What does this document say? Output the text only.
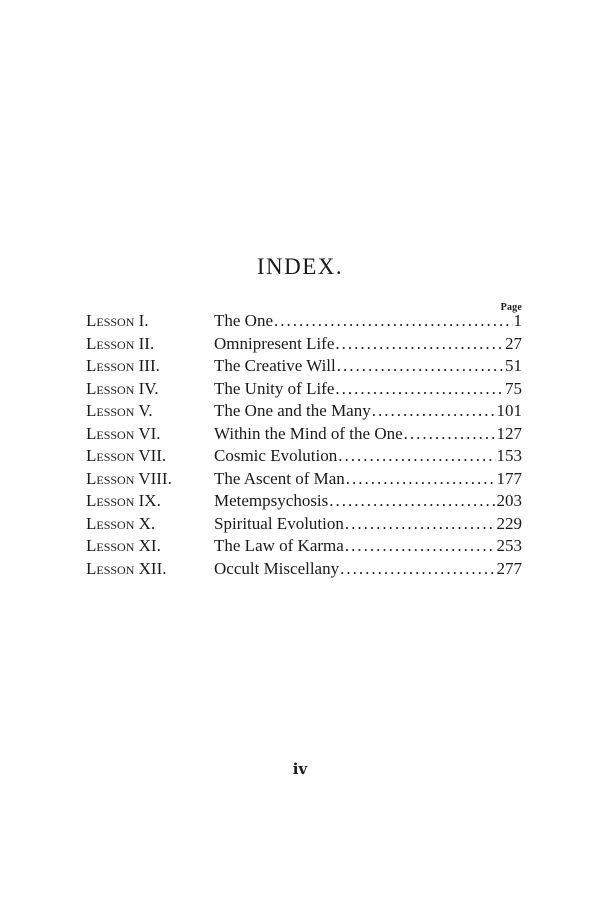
INDEX.
Page
Lesson I.	The One .....	1
Lesson II.	Omnipresent Life .....	27
Lesson III.	The Creative Will .....	51
Lesson IV.	The Unity of Life .....	75
Lesson V.	The One and the Many .....	101
Lesson VI.	Within the Mind of the One .....	127
Lesson VII.	Cosmic Evolution .....	153
Lesson VIII.	The Ascent of Man .....	177
Lesson IX.	Metempsychosis .....	203
Lesson X.	Spiritual Evolution .....	229
Lesson XI.	The Law of Karma .....	253
Lesson XII.	Occult Miscellany .....	277
iv
